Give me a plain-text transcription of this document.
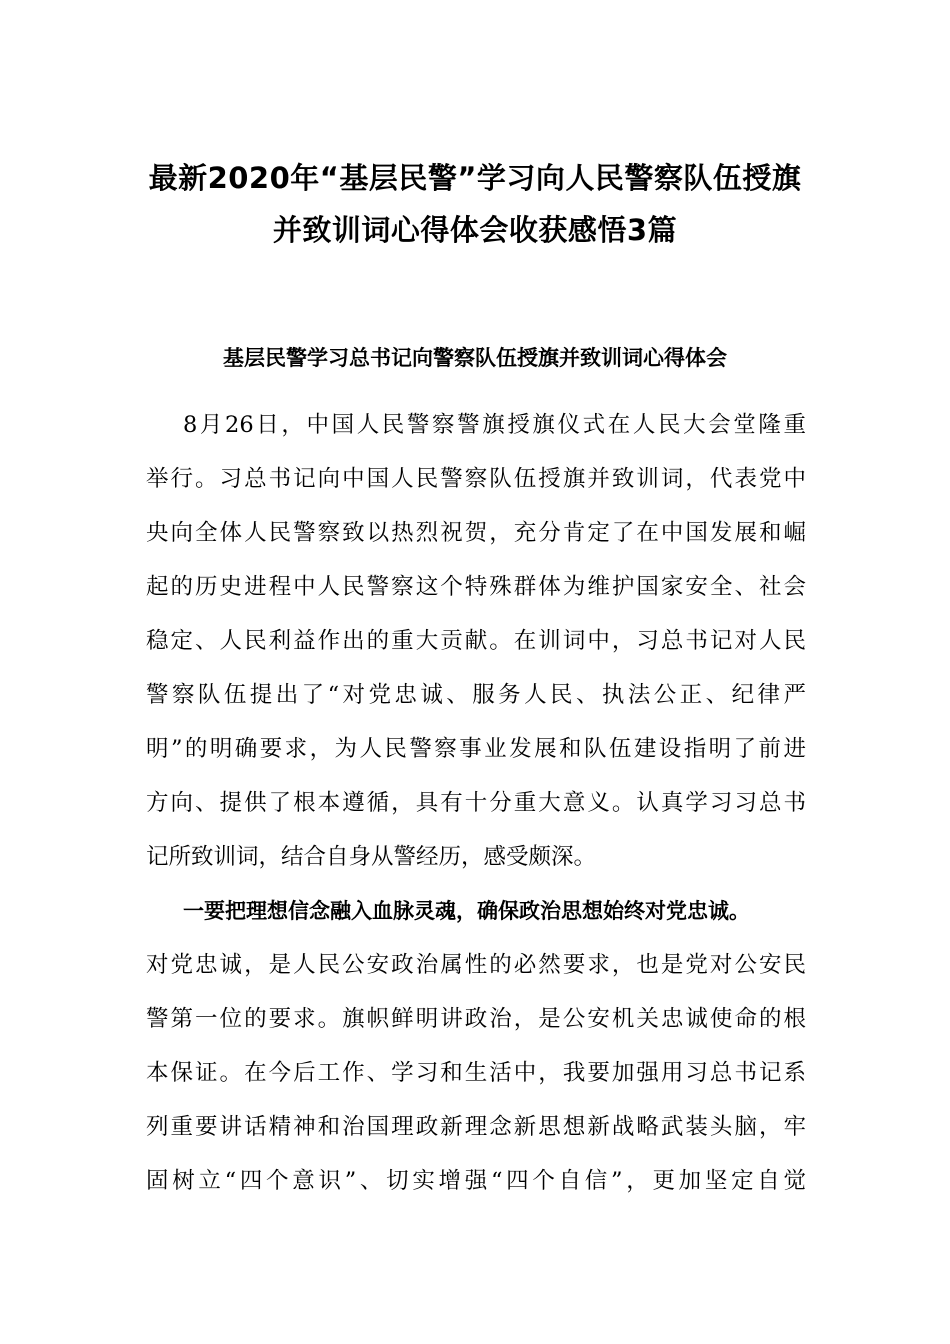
最新2020年“基层民警”学习向人民警察队伍授旗
并致训词心得体会收获感悟3篇
基层民警学习总书记向警察队伍授旗并致训词心得体会
8月26日，中国人民警察警旗授旗仪式在人民大会堂隆重
举行。习总书记向中国人民警察队伍授旗并致训词，代表党中
央向全体人民警察致以热烈祝贺，充分肯定了在中国发展和崛
起的历史进程中人民警察这个特殊群体为维护国家安全、社会
稳定、人民利益作出的重大贡献。在训词中，习总书记对人民
警察队伍提出了“对党忠诚、服务人民、执法公正、纪律严
明”的明确要求，为人民警察事业发展和队伍建设指明了前进
方向、提供了根本遵循，具有十分重大意义。认真学习习总书
记所致训词，结合自身从警经历，感受颇深。
一要把理想信念融入血脉灵魂，确保政治思想始终对党忠诚。
对党忠诚，是人民公安政治属性的必然要求，也是党对公安民
警第一位的要求。旗帜鲜明讲政治，是公安机关忠诚使命的根
本保证。在今后工作、学习和生活中，我要加强用习总书记系
列重要讲话精神和治国理政新理念新思想新战略武装头脑，牢
固树立“四个意识”、切实增强“四个自信”，更加坚定自觉
